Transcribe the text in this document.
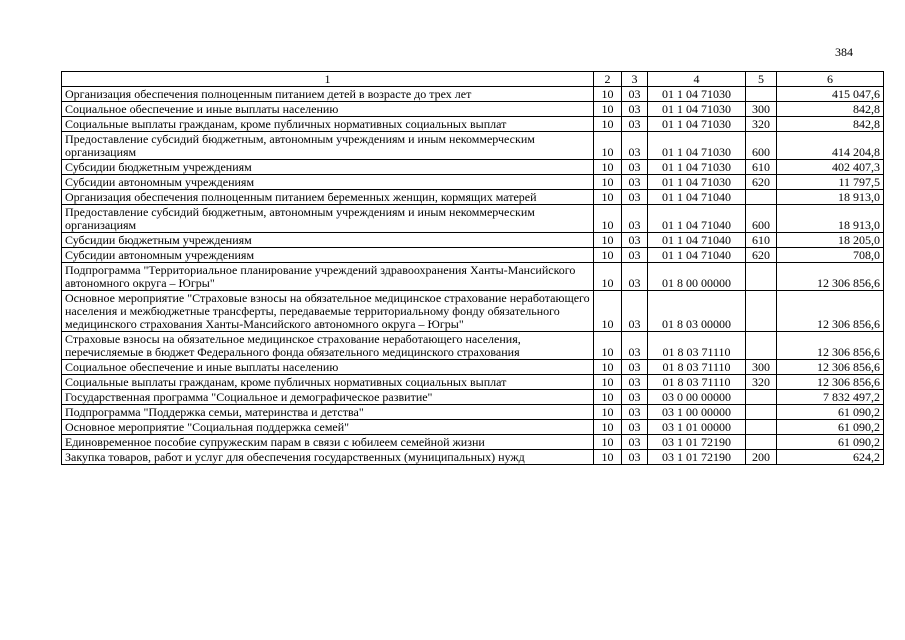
384
1	2	3	4	5	6
Организация обеспечения полноценным питанием детей в возрасте до трех лет	10	03	01 1 04 71030		415 047,6
Социальное обеспечение и иные выплаты населению	10	03	01 1 04 71030	300	842,8
Социальные выплаты гражданам, кроме публичных нормативных социальных выплат	10	03	01 1 04 71030	320	842,8
Предоставление субсидий бюджетным, автономным учреждениям и иным некоммерческим организациям	10	03	01 1 04 71030	600	414 204,8
Субсидии бюджетным учреждениям	10	03	01 1 04 71030	610	402 407,3
Субсидии автономным учреждениям	10	03	01 1 04 71030	620	11 797,5
Организация обеспечения полноценным питанием беременных женщин, кормящих матерей	10	03	01 1 04 71040		18 913,0
Предоставление субсидий бюджетным, автономным учреждениям и иным некоммерческим организациям	10	03	01 1 04 71040	600	18 913,0
Субсидии бюджетным учреждениям	10	03	01 1 04 71040	610	18 205,0
Субсидии автономным учреждениям	10	03	01 1 04 71040	620	708,0
Подпрограмма "Территориальное планирование учреждений здравоохранения Ханты-Мансийского автономного округа – Югры"	10	03	01 8 00 00000		12 306 856,6
Основное мероприятие "Страховые взносы на обязательное медицинское страхование неработающего населения и межбюджетные трансферты, передаваемые территориальному фонду обязательного медицинского страхования Ханты-Мансийского автономного округа – Югры"	10	03	01 8 03 00000		12 306 856,6
Страховые взносы на обязательное медицинское страхование неработающего населения, перечисляемые в бюджет Федерального фонда обязательного медицинского страхования	10	03	01 8 03 71110		12 306 856,6
Социальное обеспечение и иные выплаты населению	10	03	01 8 03 71110	300	12 306 856,6
Социальные выплаты гражданам, кроме публичных нормативных социальных выплат	10	03	01 8 03 71110	320	12 306 856,6
Государственная программа "Социальное и демографическое развитие"	10	03	03 0 00 00000		7 832 497,2
Подпрограмма "Поддержка семьи, материнства и детства"	10	03	03 1 00 00000		61 090,2
Основное мероприятие "Социальная поддержка семей"	10	03	03 1 01 00000		61 090,2
Единовременное пособие супружеским парам в связи с юбилеем семейной жизни	10	03	03 1 01 72190		61 090,2
Закупка товаров, работ и услуг для обеспечения государственных (муниципальных) нужд	10	03	03 1 01 72190	200	624,2
